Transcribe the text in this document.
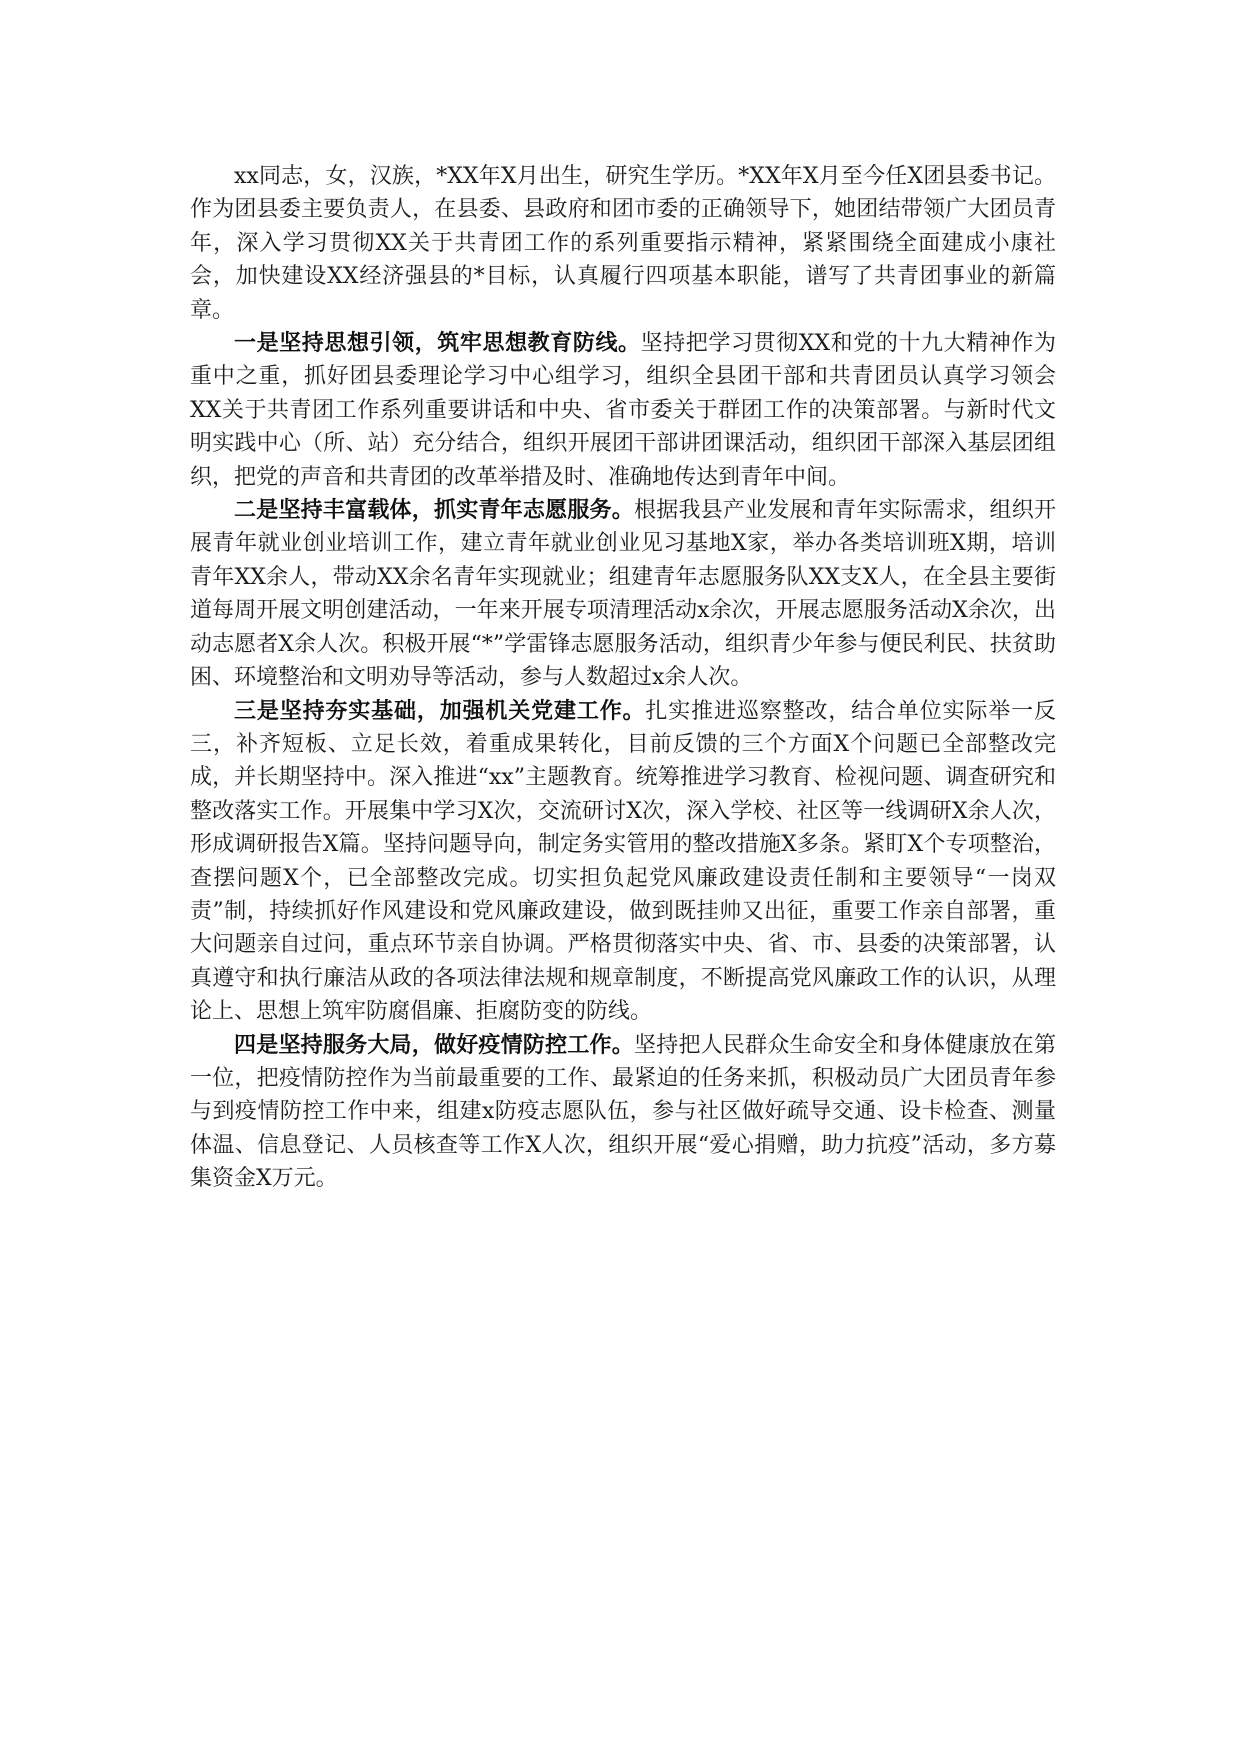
xx同志，女，汉族，*XX年X月出生，研究生学历。*XX年X月至今任X团县委书记。作为团县委主要负责人，在县委、县政府和团市委的正确领导下，她团结带领广大团员青年，深入学习贯彻XX关于共青团工作的系列重要指示精神，紧紧围绕全面建成小康社会，加快建设XX经济强县的*目标，认真履行四项基本职能，谱写了共青团事业的新篇章。

一是坚持思想引领，筑牢思想教育防线。坚持把学习贯彻XX和党的十九大精神作为重中之重，抓好团县委理论学习中心组学习，组织全县团干部和共青团员认真学习领会XX关于共青团工作系列重要讲话和中央、省市委关于群团工作的决策部署。与新时代文明实践中心（所、站）充分结合，组织开展团干部讲团课活动，组织团干部深入基层团组织，把党的声音和共青团的改革举措及时、准确地传达到青年中间。

二是坚持丰富载体，抓实青年志愿服务。根据我县产业发展和青年实际需求，组织开展青年就业创业培训工作，建立青年就业创业见习基地X家，举办各类培训班X期，培训青年XX余人，带动XX余名青年实现就业；组建青年志愿服务队XX支X人，在全县主要街道每周开展文明创建活动，一年来开展专项清理活动x余次，开展志愿服务活动X余次，出动志愿者X余人次。积极开展“*”学雷锋志愿服务活动，组织青少年参与便民利民、扶贫助困、环境整治和文明劝导等活动，参与人数超过x余人次。

三是坚持夯实基础，加强机关党建工作。扎实推进巡察整改，结合单位实际举一反三，补齐短板、立足长效，着重成果转化，目前反馈的三个方面X个问题已全部整改完成，并长期坚持中。深入推进“xx”主题教育。统筹推进学习教育、检视问题、调查研究和整改落实工作。开展集中学习X次，交流研讨X次，深入学校、社区等一线调研X余人次，形成调研报告X篇。坚持问题导向，制定务实管用的整改措施X多条。紧盯X个专项整治，查摆问题X个，已全部整改完成。切实担负起党风廉政建设责任制和主要领导“一岗双责”制，持续抓好作风建设和党风廉政建设，做到既挂帅又出征，重要工作亲自部署，重大问题亲自过问，重点环节亲自协调。严格贯彻落实中央、省、市、县委的决策部署，认真遵守和执行廉洁从政的各项法律法规和规章制度，不断提高党风廉政工作的认识，从理论上、思想上筑牢防腐倡廉、拒腐防变的防线。

四是坚持服务大局，做好疫情防控工作。坚持把人民群众生命安全和身体健康放在第一位，把疫情防控作为当前最重要的工作、最紧迫的任务来抓，积极动员广大团员青年参与到疫情防控工作中来，组建x防疫志愿队伍，参与社区做好疏导交通、设卡检查、测量体温、信息登记、人员核查等工作X人次，组织开展“爱心捐赠，助力抗疫”活动，多方募集资金X万元。
